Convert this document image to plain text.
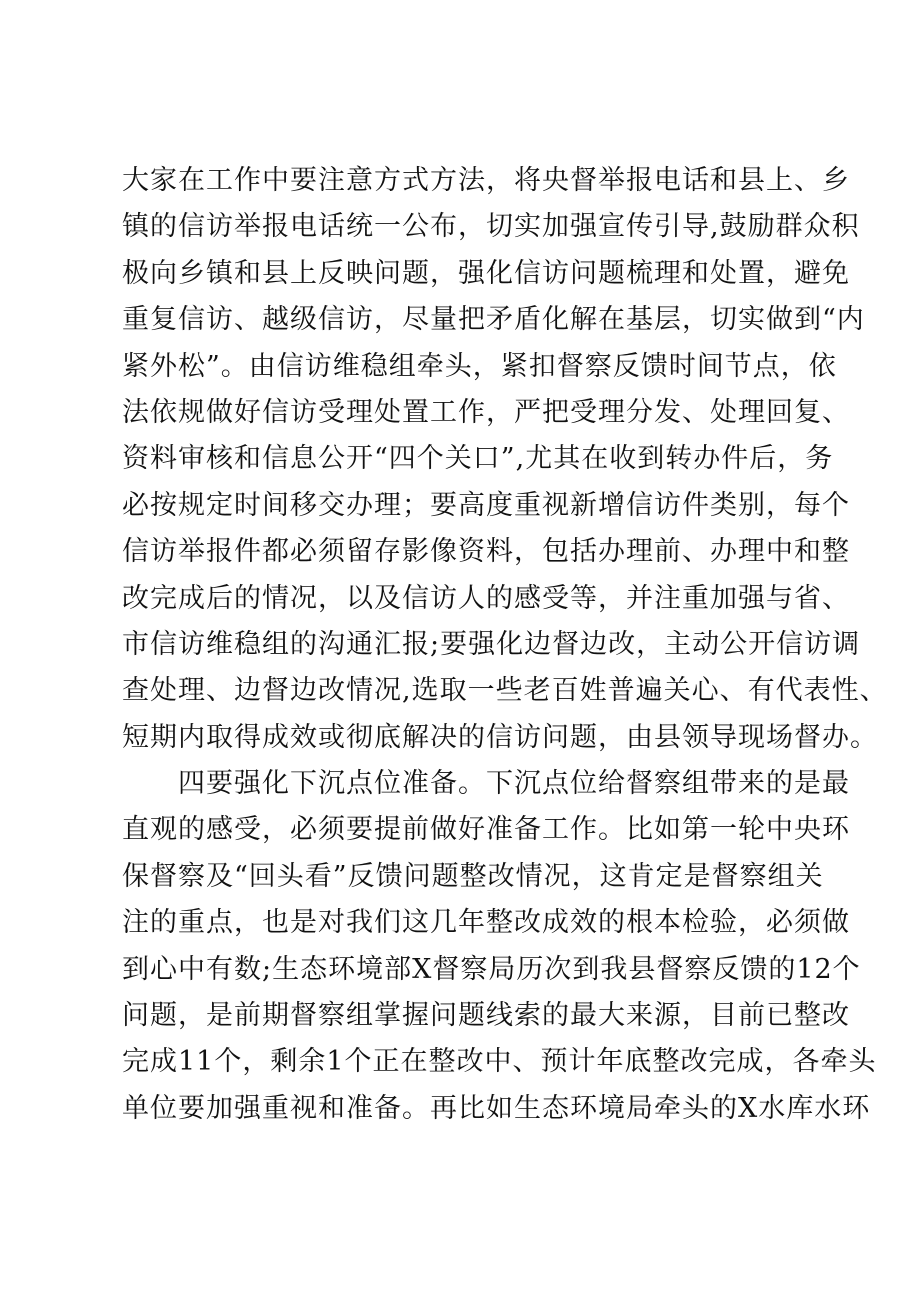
大家在工作中要注意方式方法，将央督举报电话和县上、乡
镇的信访举报电话统一公布，切实加强宣传引导,鼓励群众积
极向乡镇和县上反映问题，强化信访问题梳理和处置，避免
重复信访、越级信访，尽量把矛盾化解在基层，切实做到“内
紧外松”。由信访维稳组牵头，紧扣督察反馈时间节点，依
法依规做好信访受理处置工作，严把受理分发、处理回复、
资料审核和信息公开“四个关口”,尤其在收到转办件后，务
必按规定时间移交办理；要高度重视新增信访件类别，每个
信访举报件都必须留存影像资料，包括办理前、办理中和整
改完成后的情况，以及信访人的感受等，并注重加强与省、
市信访维稳组的沟通汇报;要强化边督边改，主动公开信访调
查处理、边督边改情况,选取一些老百姓普遍关心、有代表性、
短期内取得成效或彻底解决的信访问题，由县领导现场督办。
四要强化下沉点位准备。下沉点位给督察组带来的是最
直观的感受，必须要提前做好准备工作。比如第一轮中央环
保督察及“回头看”反馈问题整改情况，这肯定是督察组关
注的重点，也是对我们这几年整改成效的根本检验，必须做
到心中有数;生态环境部X督察局历次到我县督察反馈的12个
问题，是前期督察组掌握问题线索的最大来源，目前已整改
完成11个，剩余1个正在整改中、预计年底整改完成，各牵头
单位要加强重视和准备。再比如生态环境局牵头的X水库水环
